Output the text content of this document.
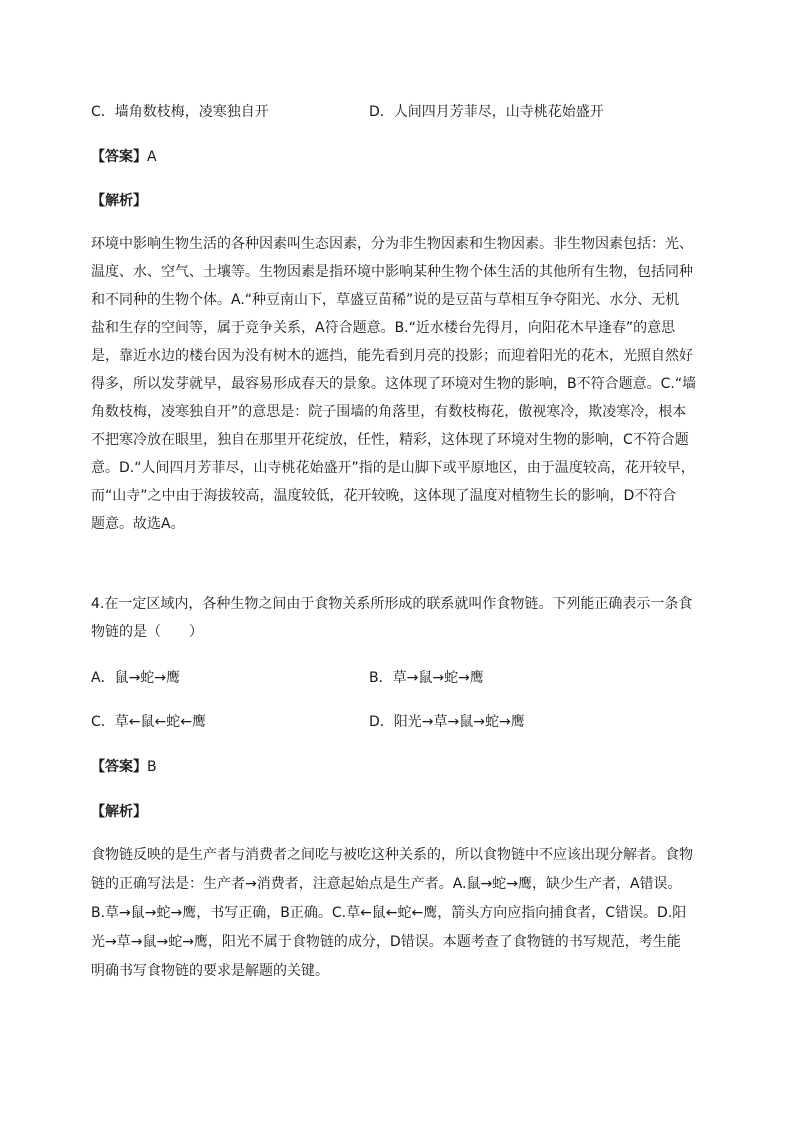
C．墙角数枝梅，凌寒独自开	D．人间四月芳菲尽，山寺桃花始盛开
【答案】A
【解析】
环境中影响生物生活的各种因素叫生态因素，分为非生物因素和生物因素。非生物因素包括：光、
温度、水、空气、土壤等。生物因素是指环境中影响某种生物个体生活的其他所有生物，包括同种
和不同种的生物个体。A.“种豆南山下，草盛豆苗稀”说的是豆苗与草相互争夺阳光、水分、无机
盐和生存的空间等，属于竞争关系，A符合题意。B.“近水楼台先得月，向阳花木早逢春”的意思
是，靠近水边的楼台因为没有树木的遮挡，能先看到月亮的投影；而迎着阳光的花木，光照自然好
得多，所以发芽就早，最容易形成春天的景象。这体现了环境对生物的影响，B不符合题意。C.“墙
角数枝梅，凌寒独自开”的意思是：院子围墙的角落里，有数枝梅花，傲视寒冷，欺凌寒冷，根本
不把寒冷放在眼里，独自在那里开花绽放，任性，精彩，这体现了环境对生物的影响，C不符合题
意。D.“人间四月芳菲尽，山寺桃花始盛开”指的是山脚下或平原地区，由于温度较高，花开较早，
而“山寺”之中由于海拔较高，温度较低，花开较晚，这体现了温度对植物生长的影响，D不符合
题意。故选A。
4.在一定区域内，各种生物之间由于食物关系所形成的联系就叫作食物链。下列能正确表示一条食
物链的是（　　）
A．鼠→蛇→鹰	B．草→鼠→蛇→鹰
C．草←鼠←蛇←鹰	D．阳光→草→鼠→蛇→鹰
【答案】B
【解析】
食物链反映的是生产者与消费者之间吃与被吃这种关系的，所以食物链中不应该出现分解者。食物
链的正确写法是：生产者→消费者，注意起始点是生产者。A.鼠→蛇→鹰，缺少生产者，A错误。
B.草→鼠→蛇→鹰，书写正确，B正确。C.草←鼠←蛇←鹰，箭头方向应指向捕食者，C错误。D.阳
光→草→鼠→蛇→鹰，阳光不属于食物链的成分，D错误。本题考查了食物链的书写规范，考生能
明确书写食物链的要求是解题的关键。
